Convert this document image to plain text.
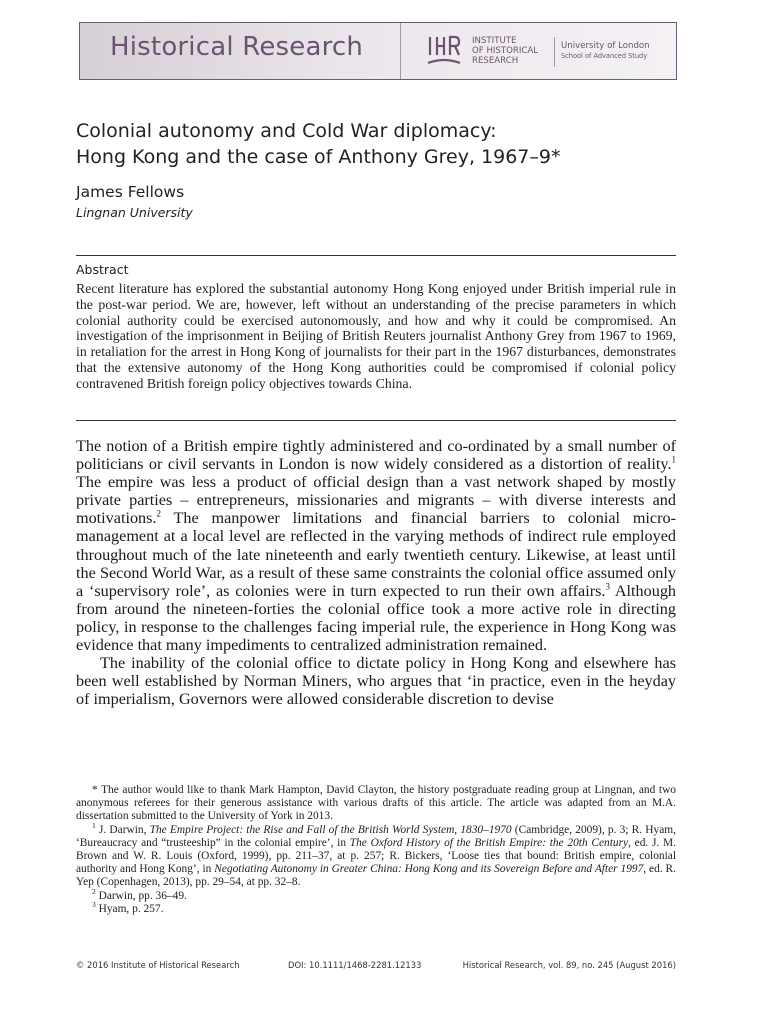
Historical Research	INSTITUTE
OF HISTORICAL
RESEARCH
University of London
School of Advanced Study
Colonial autonomy and Cold War diplomacy:
Hong Kong and the case of Anthony Grey, 1967–9*
James Fellows
Lingnan University
Abstract

Recent literature has explored the substantial autonomy Hong Kong enjoyed under British imperial rule in the post-war period. We are, however, left without an understanding of the precise parameters in which colonial authority could be exercised autonomously, and how and why it could be compromised. An investigation of the imprisonment in Beijing of British Reuters journalist Anthony Grey from 1967 to 1969, in retaliation for the arrest in Hong Kong of journalists for their part in the 1967 disturbances, demonstrates that the extensive autonomy of the Hong Kong authorities could be compromised if colonial policy contravened British foreign policy objectives towards China.

The notion of a British empire tightly administered and co-ordinated by a small number of politicians or civil servants in London is now widely considered as a distortion of reality.$^1$ The empire was less a product of official design than a vast network shaped by mostly private parties – entrepreneurs, missionaries and migrants – with diverse interests and motivations.$^2$ The manpower limitations and financial barriers to colonial micro-management at a local level are reflected in the varying methods of indirect rule employed throughout much of the late nineteenth and early twentieth century. Likewise, at least until the Second World War, as a result of these same constraints the colonial office assumed only a ‘supervisory role’, as colonies were in turn expected to run their own affairs.$^3$ Although from around the nineteen-forties the colonial office took a more active role in directing policy, in response to the challenges facing imperial rule, the experience in Hong Kong was evidence that many impediments to centralized administration remained.

The inability of the colonial office to dictate policy in Hong Kong and elsewhere has been well established by Norman Miners, who argues that ‘in practice, even in the heyday of imperialism, Governors were allowed considerable discretion to devise

* The author would like to thank Mark Hampton, David Clayton, the history postgraduate reading group at Lingnan, and two anonymous referees for their generous assistance with various drafts of this article. The article was adapted from an M.A. dissertation submitted to the University of York in 2013.

$^1$ J. Darwin, The Empire Project: the Rise and Fall of the British World System, 1830–1970 (Cambridge, 2009), p. 3; R. Hyam, ‘Bureaucracy and “trusteeship” in the colonial empire’, in The Oxford History of the British Empire: the 20th Century, ed. J. M. Brown and W. R. Louis (Oxford, 1999), pp. 211–37, at p. 257; R. Bickers, ‘Loose ties that bound: British empire, colonial authority and Hong Kong’, in Negotiating Autonomy in Greater China: Hong Kong and its Sovereign Before and After 1997, ed. R. Yep (Copenhagen, 2013), pp. 29–54, at pp. 32–8.

$^2$ Darwin, pp. 36–49.

$^3$ Hyam, p. 257.

© 2016 Institute of Historical Research	DOI: 10.1111/1468-2281.12133	Historical Research, vol. 89, no. 245 (August 2016)
